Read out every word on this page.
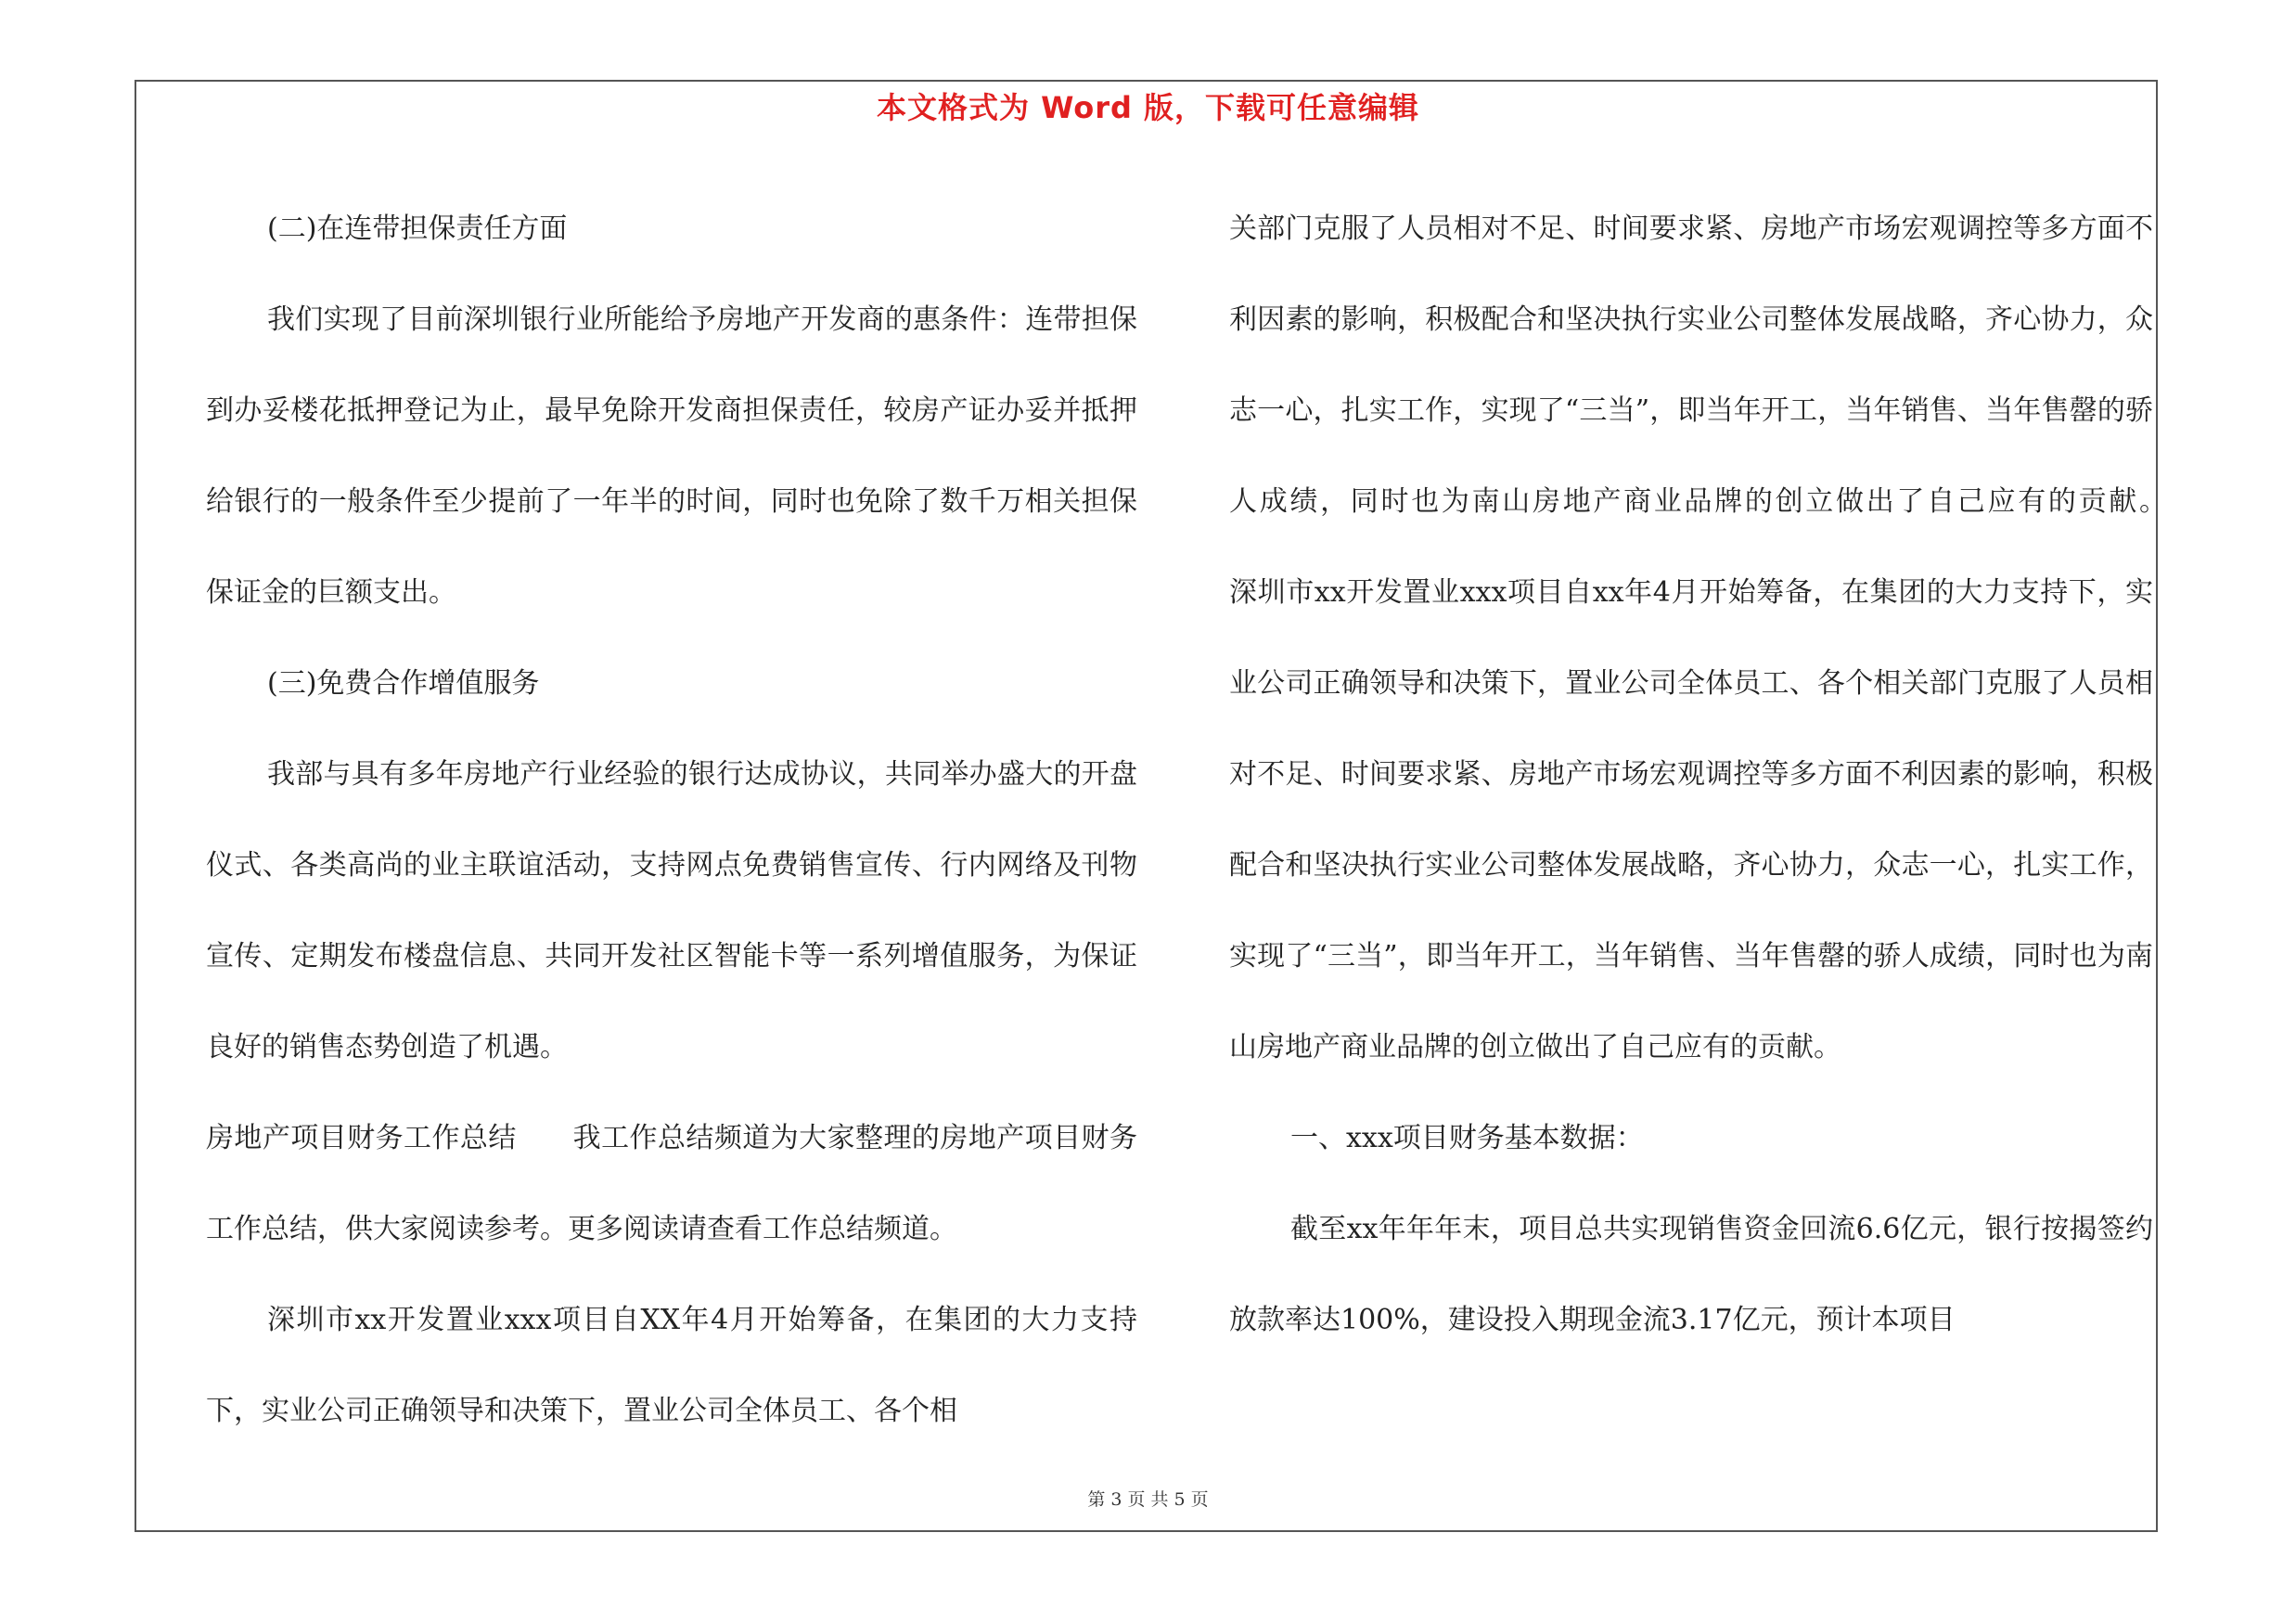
本文格式为 Word 版，下载可任意编辑

(二)在连带担保责任方面

我们实现了目前深圳银行业所能给予房地产开发商的惠条件：连带担保到办妥楼花抵押登记为止，最早免除开发商担保责任，较房产证办妥并抵押给银行的一般条件至少提前了一年半的时间，同时也免除了数千万相关担保保证金的巨额支出。

(三)免费合作增值服务

我部与具有多年房地产行业经验的银行达成协议，共同举办盛大的开盘仪式、各类高尚的业主联谊活动，支持网点免费销售宣传、行内网络及刊物宣传、定期发布楼盘信息、共同开发社区智能卡等一系列增值服务，为保证良好的销售态势创造了机遇。

房地产项目财务工作总结　　我工作总结频道为大家整理的房地产项目财务工作总结，供大家阅读参考。更多阅读请查看工作总结频道。

深圳市xx开发置业xxx项目自XX年4月开始筹备，在集团的大力支持下，实业公司正确领导和决策下，置业公司全体员工、各个相

关部门克服了人员相对不足、时间要求紧、房地产市场宏观调控等多方面不利因素的影响，积极配合和坚决执行实业公司整体发展战略，齐心协力，众志一心，扎实工作，实现了“三当”，即当年开工，当年销售、当年售罄的骄人成绩，同时也为南山房地产商业品牌的创立做出了自己应有的贡献。　　深圳市xx开发置业xxx项目自xx年4月开始筹备，在集团的大力支持下，实业公司正确领导和决策下，置业公司全体员工、各个相关部门克服了人员相对不足、时间要求紧、房地产市场宏观调控等多方面不利因素的影响，积极配合和坚决执行实业公司整体发展战略，齐心协力，众志一心，扎实工作，实现了“三当”，即当年开工，当年销售、当年售罄的骄人成绩，同时也为南山房地产商业品牌的创立做出了自己应有的贡献。

一、xxx项目财务基本数据：

截至xx年年年末，项目总共实现销售资金回流6.6亿元，银行按揭签约放款率达100%，建设投入期现金流3.17亿元，预计本项目

第 3 页 共 5 页
